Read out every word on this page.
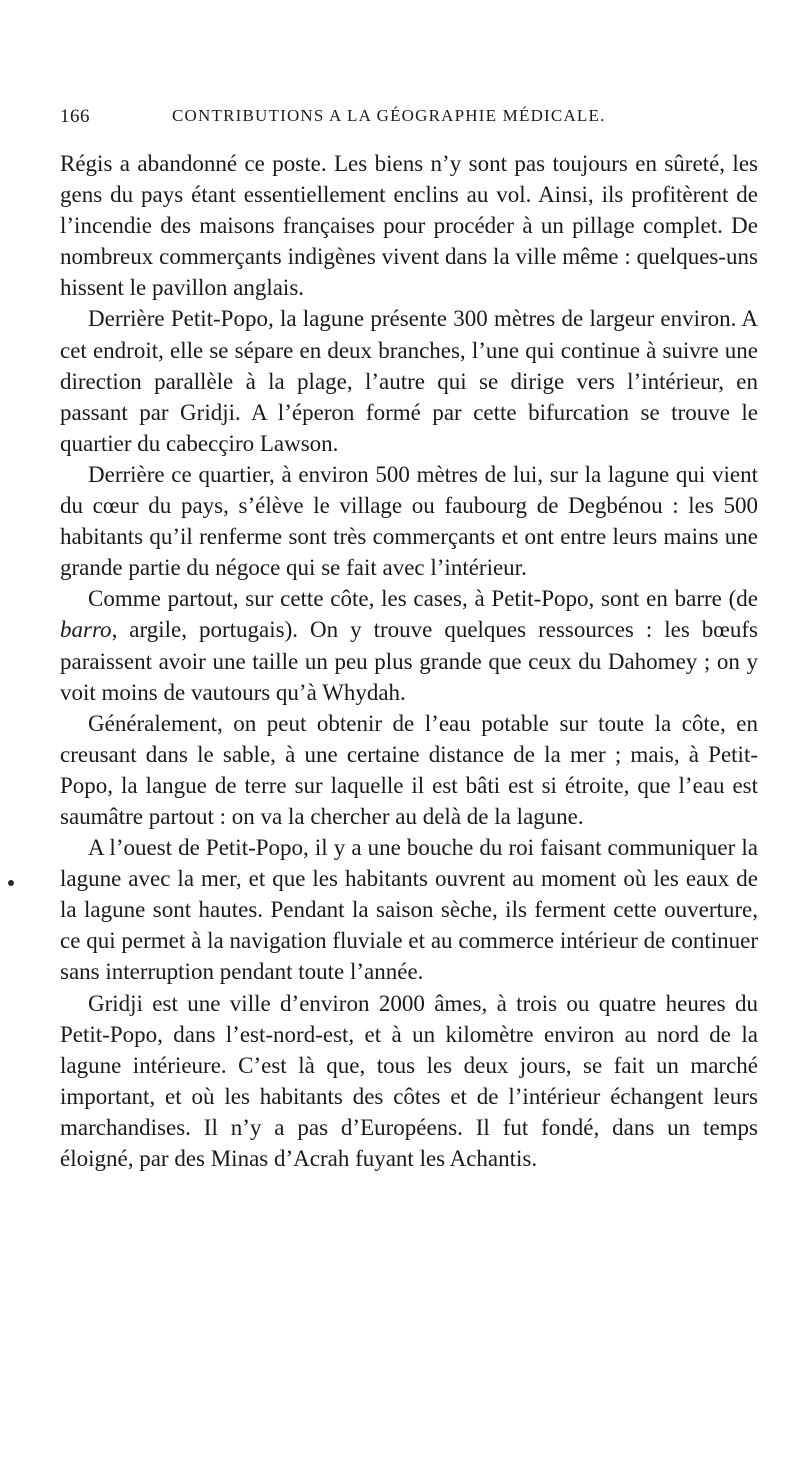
166	CONTRIBUTIONS A LA GÉOGRAPHIE MÉDICALE.

Régis a abandonné ce poste. Les biens n’y sont pas toujours en sûreté, les gens du pays étant essentiellement enclins au vol. Ainsi, ils profitèrent de l’incendie des maisons françaises pour procéder à un pillage complet. De nombreux commerçants indigènes vivent dans la ville même : quelques-uns hissent le pavillon anglais.

Derrière Petit-Popo, la lagune présente 300 mètres de largeur environ. A cet endroit, elle se sépare en deux branches, l’une qui continue à suivre une direction parallèle à la plage, l’autre qui se dirige vers l’intérieur, en passant par Gridji. A l’éperon formé par cette bifurcation se trouve le quartier du cabecçiro Lawson.

Derrière ce quartier, à environ 500 mètres de lui, sur la lagune qui vient du cœur du pays, s’élève le village ou faubourg de Degbénou : les 500 habitants qu’il renferme sont très commerçants et ont entre leurs mains une grande partie du négoce qui se fait avec l’intérieur.

Comme partout, sur cette côte, les cases, à Petit-Popo, sont en barre (de barro, argile, portugais). On y trouve quelques ressources : les bœufs paraissent avoir une taille un peu plus grande que ceux du Dahomey ; on y voit moins de vautours qu’à Whydah.

Généralement, on peut obtenir de l’eau potable sur toute la côte, en creusant dans le sable, à une certaine distance de la mer ; mais, à Petit-Popo, la langue de terre sur laquelle il est bâti est si étroite, que l’eau est saumâtre partout : on va la chercher au delà de la lagune.

A l’ouest de Petit-Popo, il y a une bouche du roi faisant communiquer la lagune avec la mer, et que les habitants ouvrent au moment où les eaux de la lagune sont hautes. Pendant la saison sèche, ils ferment cette ouverture, ce qui permet à la navigation fluviale et au commerce intérieur de continuer sans interruption pendant toute l’année.

Gridji est une ville d’environ 2000 âmes, à trois ou quatre heures du Petit-Popo, dans l’est-nord-est, et à un kilomètre environ au nord de la lagune intérieure. C’est là que, tous les deux jours, se fait un marché important, et où les habitants des côtes et de l’intérieur échangent leurs marchandises. Il n’y a pas d’Européens. Il fut fondé, dans un temps éloigné, par des Minas d’Acrah fuyant les Achantis.
